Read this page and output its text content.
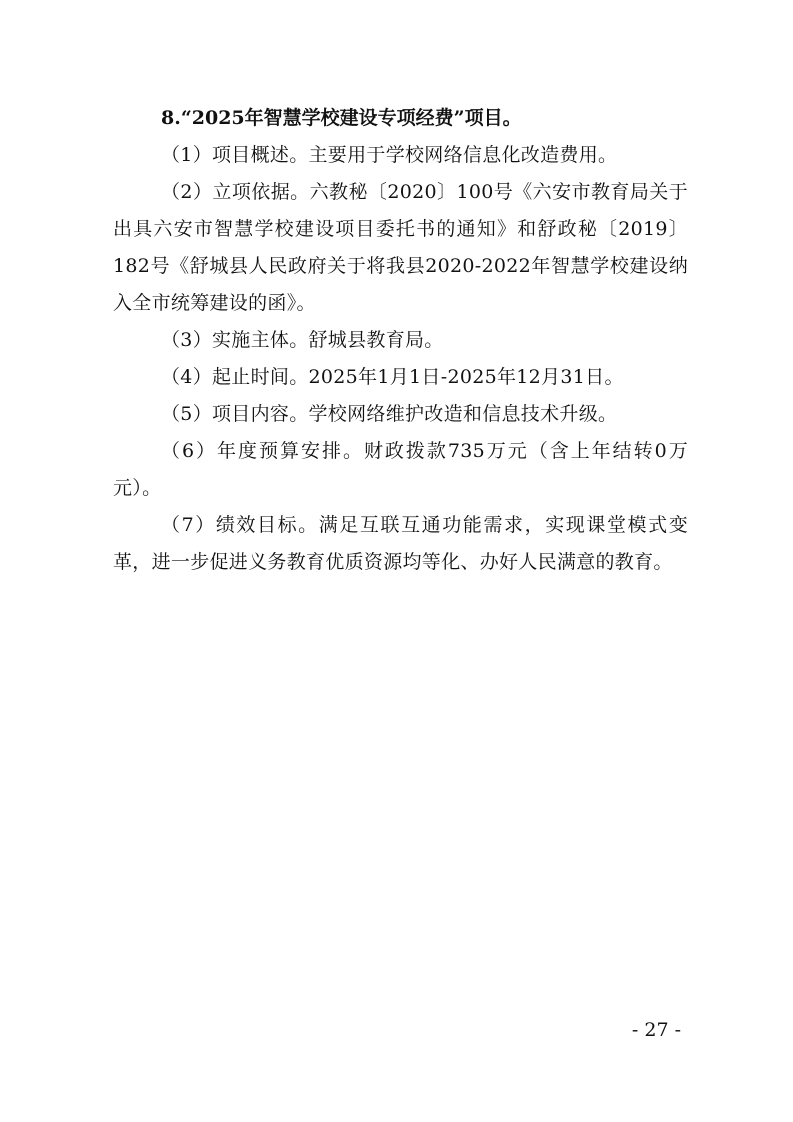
8.“2025年智慧学校建设专项经费”项目。

（1）项目概述。主要用于学校网络信息化改造费用。

（2）立项依据。六教秘〔2020〕100号《六安市教育局关于出具六安市智慧学校建设项目委托书的通知》和舒政秘〔2019〕182号《舒城县人民政府关于将我县2020-2022年智慧学校建设纳入全市统筹建设的函》。

（3）实施主体。舒城县教育局。

（4）起止时间。2025年1月1日-2025年12月31日。

（5）项目内容。学校网络维护改造和信息技术升级。

（6）年度预算安排。财政拨款735万元（含上年结转0万元）。

（7）绩效目标。满足互联互通功能需求，实现课堂模式变革，进一步促进义务教育优质资源均等化、办好人民满意的教育。

- 27 -
